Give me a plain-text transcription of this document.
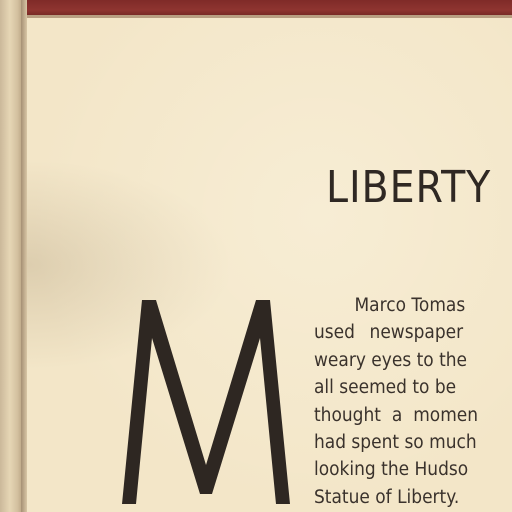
LIBERTY
Marco Tomas
used newspaper
weary eyes to the
all seemed to be
thought a momen
had spent so much
looking the Hudso
Statue of Liberty.
